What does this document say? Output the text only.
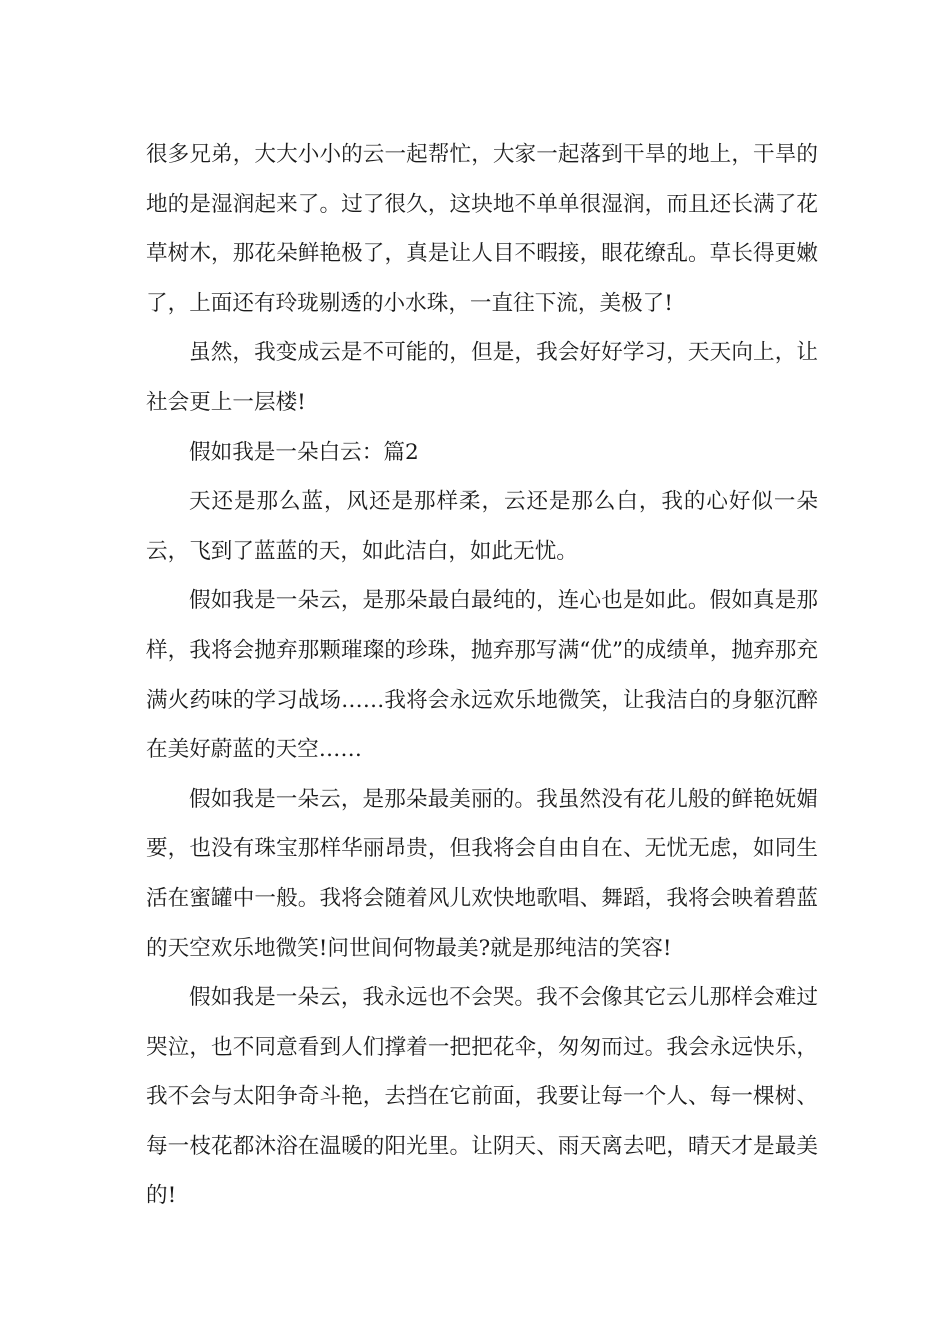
很多兄弟，大大小小的云一起帮忙，大家一起落到干旱的地上，干旱的地的是湿润起来了。过了很久，这块地不单单很湿润，而且还长满了花草树木，那花朵鲜艳极了，真是让人目不暇接，眼花缭乱。草长得更嫩了，上面还有玲珑剔透的小水珠，一直往下流，美极了!

虽然，我变成云是不可能的，但是，我会好好学习，天天向上，让社会更上一层楼!

假如我是一朵白云：篇2

天还是那么蓝，风还是那样柔，云还是那么白，我的心好似一朵云，飞到了蓝蓝的天，如此洁白，如此无忧。

假如我是一朵云，是那朵最白最纯的，连心也是如此。假如真是那样，我将会抛弃那颗璀璨的珍珠，抛弃那写满“优”的成绩单，抛弃那充满火药味的学习战场……我将会永远欢乐地微笑，让我洁白的身躯沉醉在美好蔚蓝的天空……

假如我是一朵云，是那朵最美丽的。我虽然没有花儿般的鲜艳妩媚要，也没有珠宝那样华丽昂贵，但我将会自由自在、无忧无虑，如同生活在蜜罐中一般。我将会随着风儿欢快地歌唱、舞蹈，我将会映着碧蓝的天空欢乐地微笑!问世间何物最美?就是那纯洁的笑容!

假如我是一朵云，我永远也不会哭。我不会像其它云儿那样会难过哭泣，也不同意看到人们撑着一把把花伞，匆匆而过。我会永远快乐，我不会与太阳争奇斗艳，去挡在它前面，我要让每一个人、每一棵树、每一枝花都沐浴在温暖的阳光里。让阴天、雨天离去吧，晴天才是最美的!
